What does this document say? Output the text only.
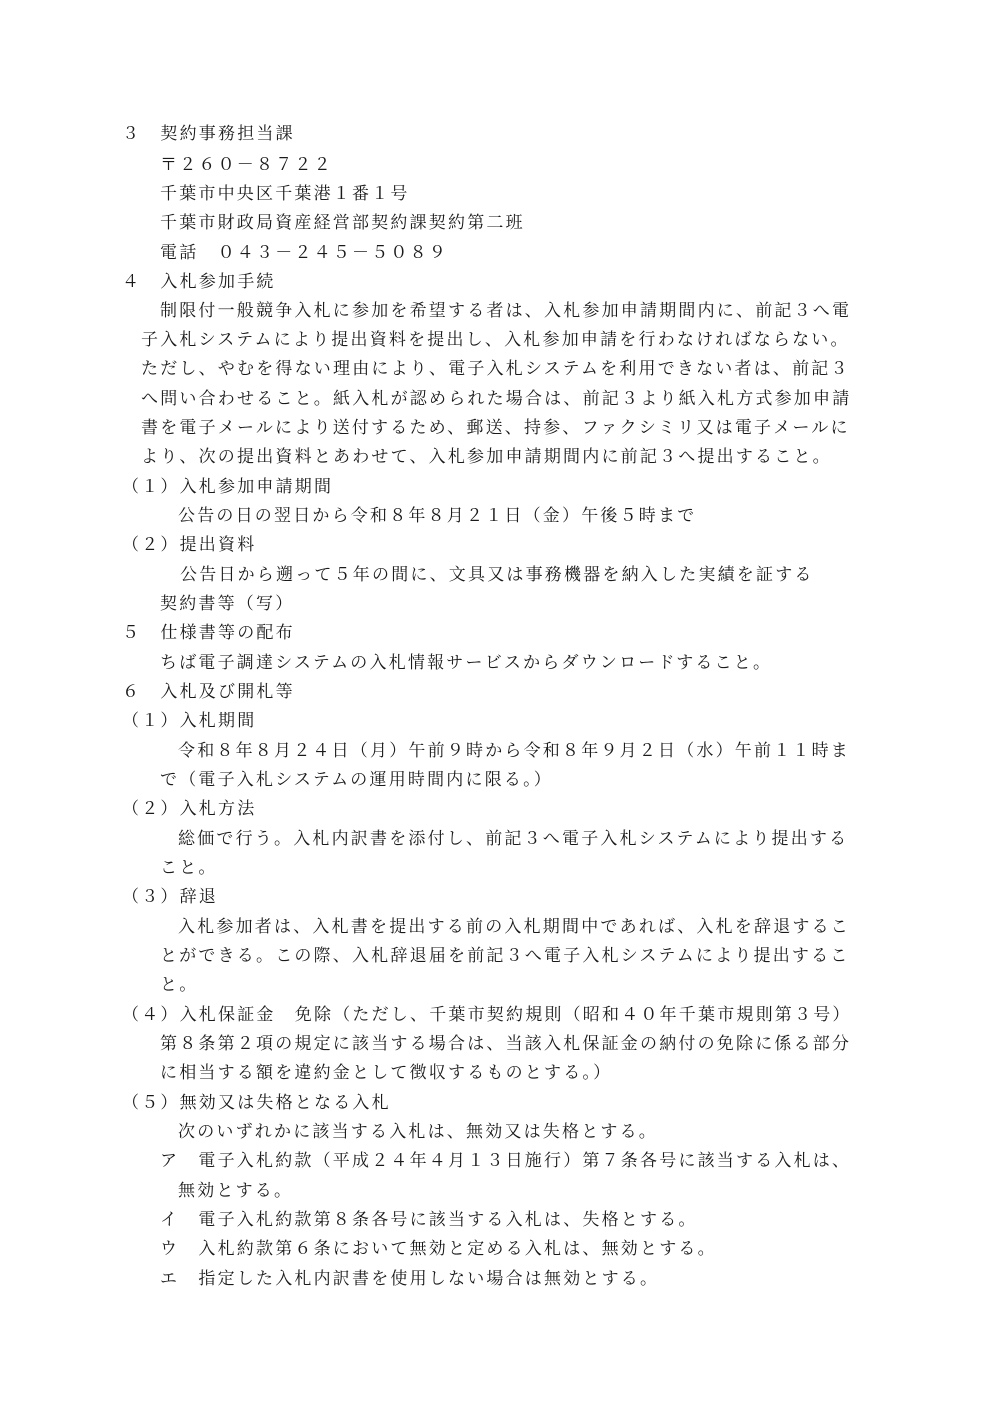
３　契約事務担当課
〒２６０－８７２２
千葉市中央区千葉港１番１号
千葉市財政局資産経営部契約課契約第二班
電話　０４３－２４５－５０８９
４　入札参加手続
制限付一般競争入札に参加を希望する者は、入札参加申請期間内に、前記３へ電
子入札システムにより提出資料を提出し、入札参加申請を行わなければならない。
ただし、やむを得ない理由により、電子入札システムを利用できない者は、前記３
へ問い合わせること。紙入札が認められた場合は、前記３より紙入札方式参加申請
書を電子メールにより送付するため、郵送、持参、ファクシミリ又は電子メールに
より、次の提出資料とあわせて、入札参加申請期間内に前記３へ提出すること。
（１）入札参加申請期間
公告の日の翌日から令和８年８月２１日（金）午後５時まで
（２）提出資料
公告日から遡って５年の間に、文具又は事務機器を納入した実績を証する
契約書等（写）
５　仕様書等の配布
ちば電子調達システムの入札情報サービスからダウンロードすること。
６　入札及び開札等
（１）入札期間
令和８年８月２４日（月）午前９時から令和８年９月２日（水）午前１１時ま
で（電子入札システムの運用時間内に限る。）
（２）入札方法
総価で行う。入札内訳書を添付し、前記３へ電子入札システムにより提出する
こと。
（３）辞退
入札参加者は、入札書を提出する前の入札期間中であれば、入札を辞退するこ
とができる。この際、入札辞退届を前記３へ電子入札システムにより提出するこ
と。
（４）入札保証金　免除（ただし、千葉市契約規則（昭和４０年千葉市規則第３号）
第８条第２項の規定に該当する場合は、当該入札保証金の納付の免除に係る部分
に相当する額を違約金として徴収するものとする。）
（５）無効又は失格となる入札
次のいずれかに該当する入札は、無効又は失格とする。
ア　電子入札約款（平成２４年４月１３日施行）第７条各号に該当する入札は、
無効とする。
イ　電子入札約款第８条各号に該当する入札は、失格とする。
ウ　入札約款第６条において無効と定める入札は、無効とする。
エ　指定した入札内訳書を使用しない場合は無効とする。
